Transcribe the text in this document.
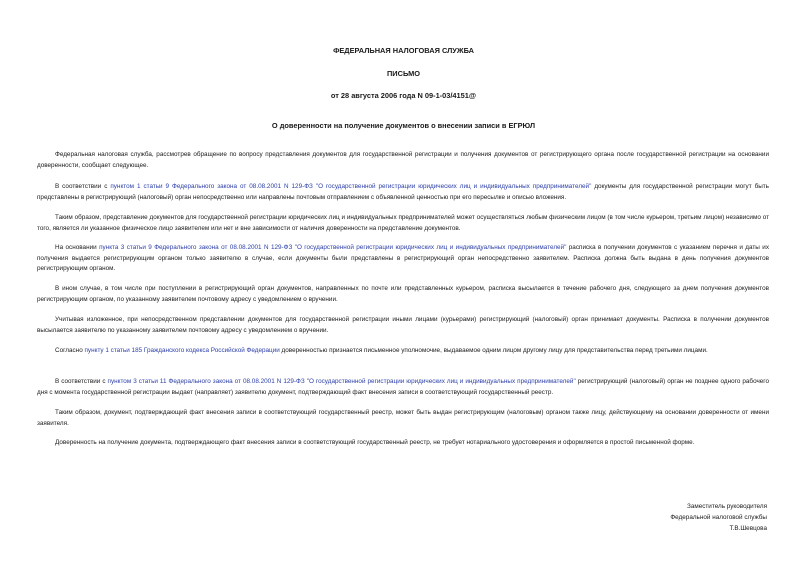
ФЕДЕРАЛЬНАЯ НАЛОГОВАЯ СЛУЖБА
ПИСЬМО
от 28 августа 2006 года N 09-1-03/4151@
О доверенности на получение документов о внесении записи в ЕГРЮЛ

Федеральная налоговая служба, рассмотрев обращение по вопросу представления документов для государственной регистрации и получения документов от регистрирующего органа после государственной регистрации на основании доверенности, сообщает следующее.

В соответствии с пунктом 1 статьи 9 Федерального закона от 08.08.2001 N 129-ФЗ "О государственной регистрации юридических лиц и индивидуальных предпринимателей" документы для государственной регистрации могут быть представлены в регистрирующий (налоговый) орган непосредственно или направлены почтовым отправлением с объявленной ценностью при его пересылке и описью вложения.

Таким образом, представление документов для государственной регистрации юридических лиц и индивидуальных предпринимателей может осуществляться любым физическим лицом (в том числе курьером, третьим лицом) независимо от того, является ли указанное физическое лицо заявителем или нет и вне зависимости от наличия доверенности на представление документов.

На основании пункта 3 статьи 9 Федерального закона от 08.08.2001 N 129-ФЗ "О государственной регистрации юридических лиц и индивидуальных предпринимателей" расписка в получении документов с указанием перечня и даты их получения выдается регистрирующим органом только заявителю в случае, если документы были представлены в регистрирующий орган непосредственно заявителем. Расписка должна быть выдана в день получения документов регистрирующим органом.

В ином случае, в том числе при поступлении в регистрирующий орган документов, направленных по почте или представленных курьером, расписка высылается в течение рабочего дня, следующего за днем получения документов регистрирующим органом, по указанному заявителем почтовому адресу с уведомлением о вручении.

Учитывая изложенное, при непосредственном представлении документов для государственной регистрации иными лицами (курьерами) регистрирующий (налоговый) орган принимает документы. Расписка в получении документов высылается заявителю по указанному заявителем почтовому адресу с уведомлением о вручении.

Согласно пункту 1 статьи 185 Гражданского кодекса Российской Федерации доверенностью признается письменное уполномочие, выдаваемое одним лицом другому лицу для представительства перед третьими лицами.

В соответствии с пунктом 3 статьи 11 Федерального закона от 08.08.2001 N 129-ФЗ "О государственной регистрации юридических лиц и индивидуальных предпринимателей" регистрирующий (налоговый) орган не позднее одного рабочего дня с момента государственной регистрации выдает (направляет) заявителю документ, подтверждающий факт внесения записи в соответствующий государственный реестр.

Таким образом, документ, подтверждающий факт внесения записи в соответствующий государственный реестр, может быть выдан регистрирующим (налоговым) органом также лицу, действующему на основании доверенности от имени заявителя.

Доверенность на получение документа, подтверждающего факт внесения записи в соответствующий государственный реестр, не требует нотариального удостоверения и оформляется в простой письменной форме.

Заместитель руководителя
Федеральной налоговой службы
Т.В.Шевцова
